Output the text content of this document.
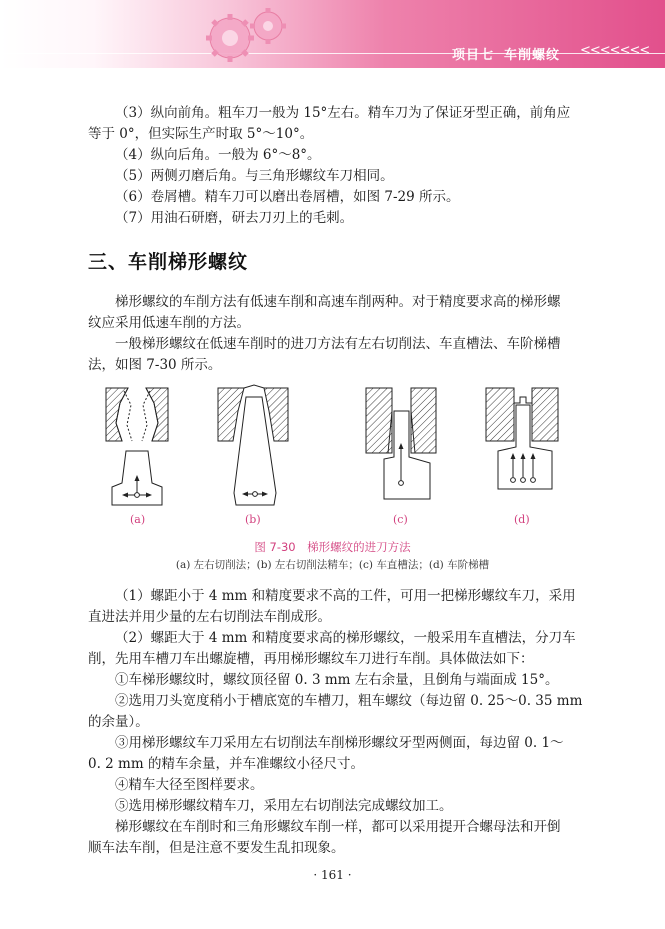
项目七 车削螺纹 <<<<<<<
（3）纵向前角。粗车刀一般为 15°左右。精车刀为了保证牙型正确，前角应
等于 0°，但实际生产时取 5°～10°。
（4）纵向后角。一般为 6°～8°。
（5）两侧刃磨后角。与三角形螺纹车刀相同。
（6）卷屑槽。精车刀可以磨出卷屑槽，如图 7-29 所示。
（7）用油石研磨，研去刀刃上的毛刺。
三、车削梯形螺纹
梯形螺纹的车削方法有低速车削和高速车削两种。对于精度要求高的梯形螺
纹应采用低速车削的方法。
一般梯形螺纹在低速车削时的进刀方法有左右切削法、车直槽法、车阶梯槽
法，如图 7-30 所示。
(a)	(b)	(c)	(d)
图 7-30　梯形螺纹的进刀方法
(a) 左右切削法；(b) 左右切削法精车；(c) 车直槽法；(d) 车阶梯槽
（1）螺距小于 4 mm 和精度要求不高的工件，可用一把梯形螺纹车刀，采用
直进法并用少量的左右切削法车削成形。
（2）螺距大于 4 mm 和精度要求高的梯形螺纹，一般采用车直槽法，分刀车
削，先用车槽刀车出螺旋槽，再用梯形螺纹车刀进行车削。具体做法如下：
①车梯形螺纹时，螺纹顶径留 0. 3 mm 左右余量，且倒角与端面成 15°。
②选用刀头宽度稍小于槽底宽的车槽刀，粗车螺纹（每边留 0. 25～0. 35 mm
的余量）。
③用梯形螺纹车刀采用左右切削法车削梯形螺纹牙型两侧面，每边留 0. 1～
0. 2 mm 的精车余量，并车准螺纹小径尺寸。
④精车大径至图样要求。
⑤选用梯形螺纹精车刀，采用左右切削法完成螺纹加工。
梯形螺纹在车削时和三角形螺纹车削一样，都可以采用提开合螺母法和开倒
顺车法车削，但是注意不要发生乱扣现象。
· 161 ·
